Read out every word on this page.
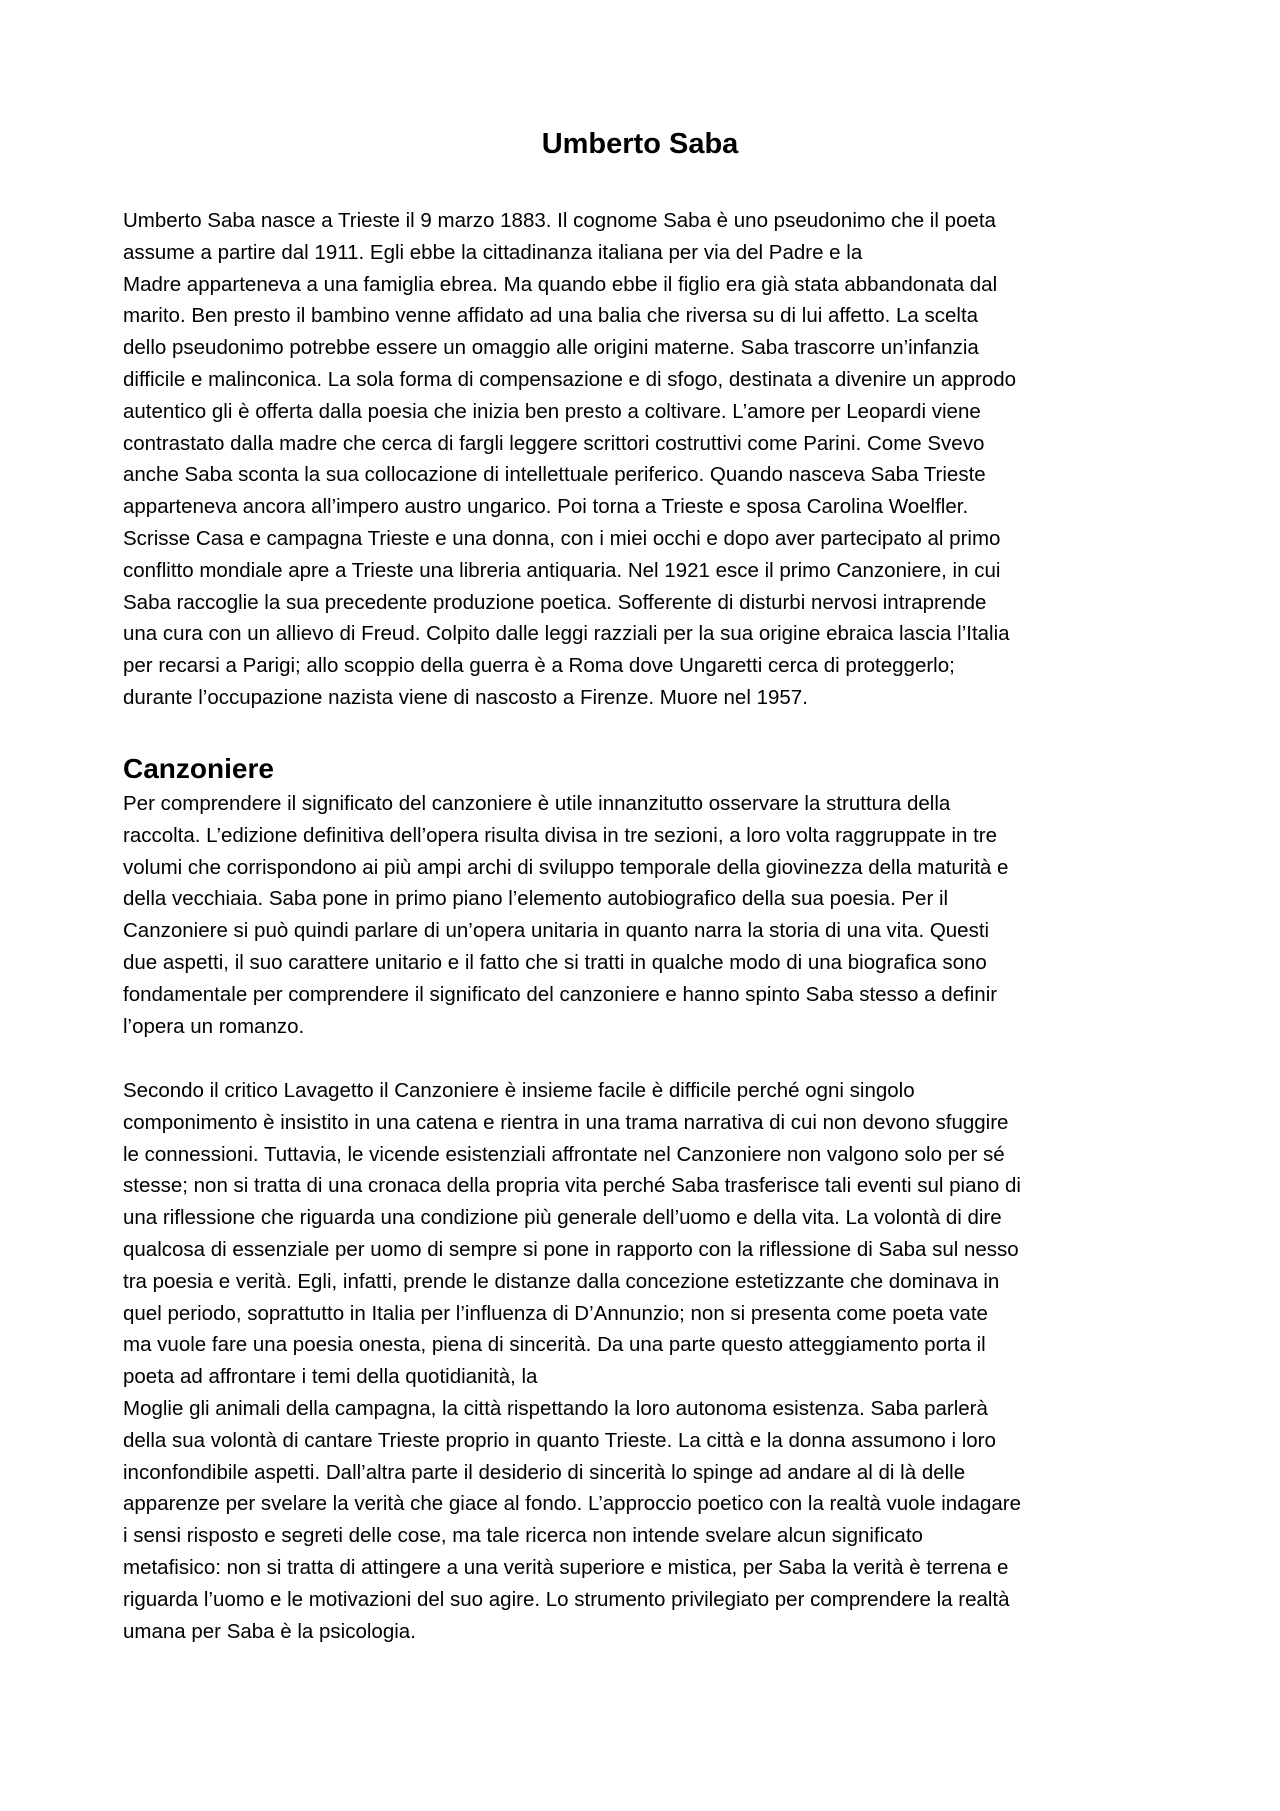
Umberto Saba
Umberto Saba nasce a Trieste il 9 marzo 1883. Il cognome Saba è uno pseudonimo che il poeta
assume a partire dal 1911. Egli ebbe la cittadinanza italiana per via del Padre e la
Madre apparteneva a una famiglia ebrea. Ma quando ebbe il figlio era già stata abbandonata dal
marito. Ben presto il bambino venne affidato ad una balia che riversa su di lui affetto. La scelta
dello pseudonimo potrebbe essere un omaggio alle origini materne. Saba trascorre un’infanzia
difficile e malinconica. La sola forma di compensazione e di sfogo, destinata a divenire un approdo
autentico gli è offerta dalla poesia che inizia ben presto a coltivare. L’amore per Leopardi viene
contrastato dalla madre che cerca di fargli leggere scrittori costruttivi come Parini. Come Svevo
anche Saba sconta la sua collocazione di intellettuale periferico. Quando nasceva Saba Trieste
apparteneva ancora all’impero austro ungarico. Poi torna a Trieste e sposa Carolina Woelfler.
Scrisse Casa e campagna Trieste e una donna, con i miei occhi e dopo aver partecipato al primo
conflitto mondiale apre a Trieste una libreria antiquaria. Nel 1921 esce il primo Canzoniere, in cui
Saba raccoglie la sua precedente produzione poetica. Sofferente di disturbi nervosi intraprende
una cura con un allievo di Freud. Colpito dalle leggi razziali per la sua origine ebraica lascia l’Italia
per recarsi a Parigi; allo scoppio della guerra è a Roma dove Ungaretti cerca di proteggerlo;
durante l’occupazione nazista viene di nascosto a Firenze. Muore nel 1957.
Canzoniere
Per comprendere il significato del canzoniere è utile innanzitutto osservare la struttura della
raccolta. L’edizione definitiva dell’opera risulta divisa in tre sezioni, a loro volta raggruppate in tre
volumi che corrispondono ai più ampi archi di sviluppo temporale della giovinezza della maturità e
della vecchiaia. Saba pone in primo piano l’elemento autobiografico della sua poesia. Per il
Canzoniere si può quindi parlare di un’opera unitaria in quanto narra la storia di una vita. Questi
due aspetti, il suo carattere unitario e il fatto che si tratti in qualche modo di una biografica sono
fondamentale per comprendere il significato del canzoniere e hanno spinto Saba stesso a definir
l’opera un romanzo.
Secondo il critico Lavagetto il Canzoniere è insieme facile è difficile perché ogni singolo
componimento è insistito in una catena e rientra in una trama narrativa di cui non devono sfuggire
le connessioni. Tuttavia, le vicende esistenziali affrontate nel Canzoniere non valgono solo per sé
stesse; non si tratta di una cronaca della propria vita perché Saba trasferisce tali eventi sul piano di
una riflessione che riguarda una condizione più generale dell’uomo e della vita. La volontà di dire
qualcosa di essenziale per uomo di sempre si pone in rapporto con la riflessione di Saba sul nesso
tra poesia e verità. Egli, infatti, prende le distanze dalla concezione estetizzante che dominava in
quel periodo, soprattutto in Italia per l’influenza di D’Annunzio; non si presenta come poeta vate
ma vuole fare una poesia onesta, piena di sincerità. Da una parte questo atteggiamento porta il
poeta ad affrontare i temi della quotidianità, la
Moglie gli animali della campagna, la città rispettando la loro autonoma esistenza. Saba parlerà
della sua volontà di cantare Trieste proprio in quanto Trieste. La città e la donna assumono i loro
inconfondibile aspetti. Dall’altra parte il desiderio di sincerità lo spinge ad andare al di là delle
apparenze per svelare la verità che giace al fondo. L’approccio poetico con la realtà vuole indagare
i sensi risposto e segreti delle cose, ma tale ricerca non intende svelare alcun significato
metafisico: non si tratta di attingere a una verità superiore e mistica, per Saba la verità è terrena e
riguarda l’uomo e le motivazioni del suo agire. Lo strumento privilegiato per comprendere la realtà
umana per Saba è la psicologia.
